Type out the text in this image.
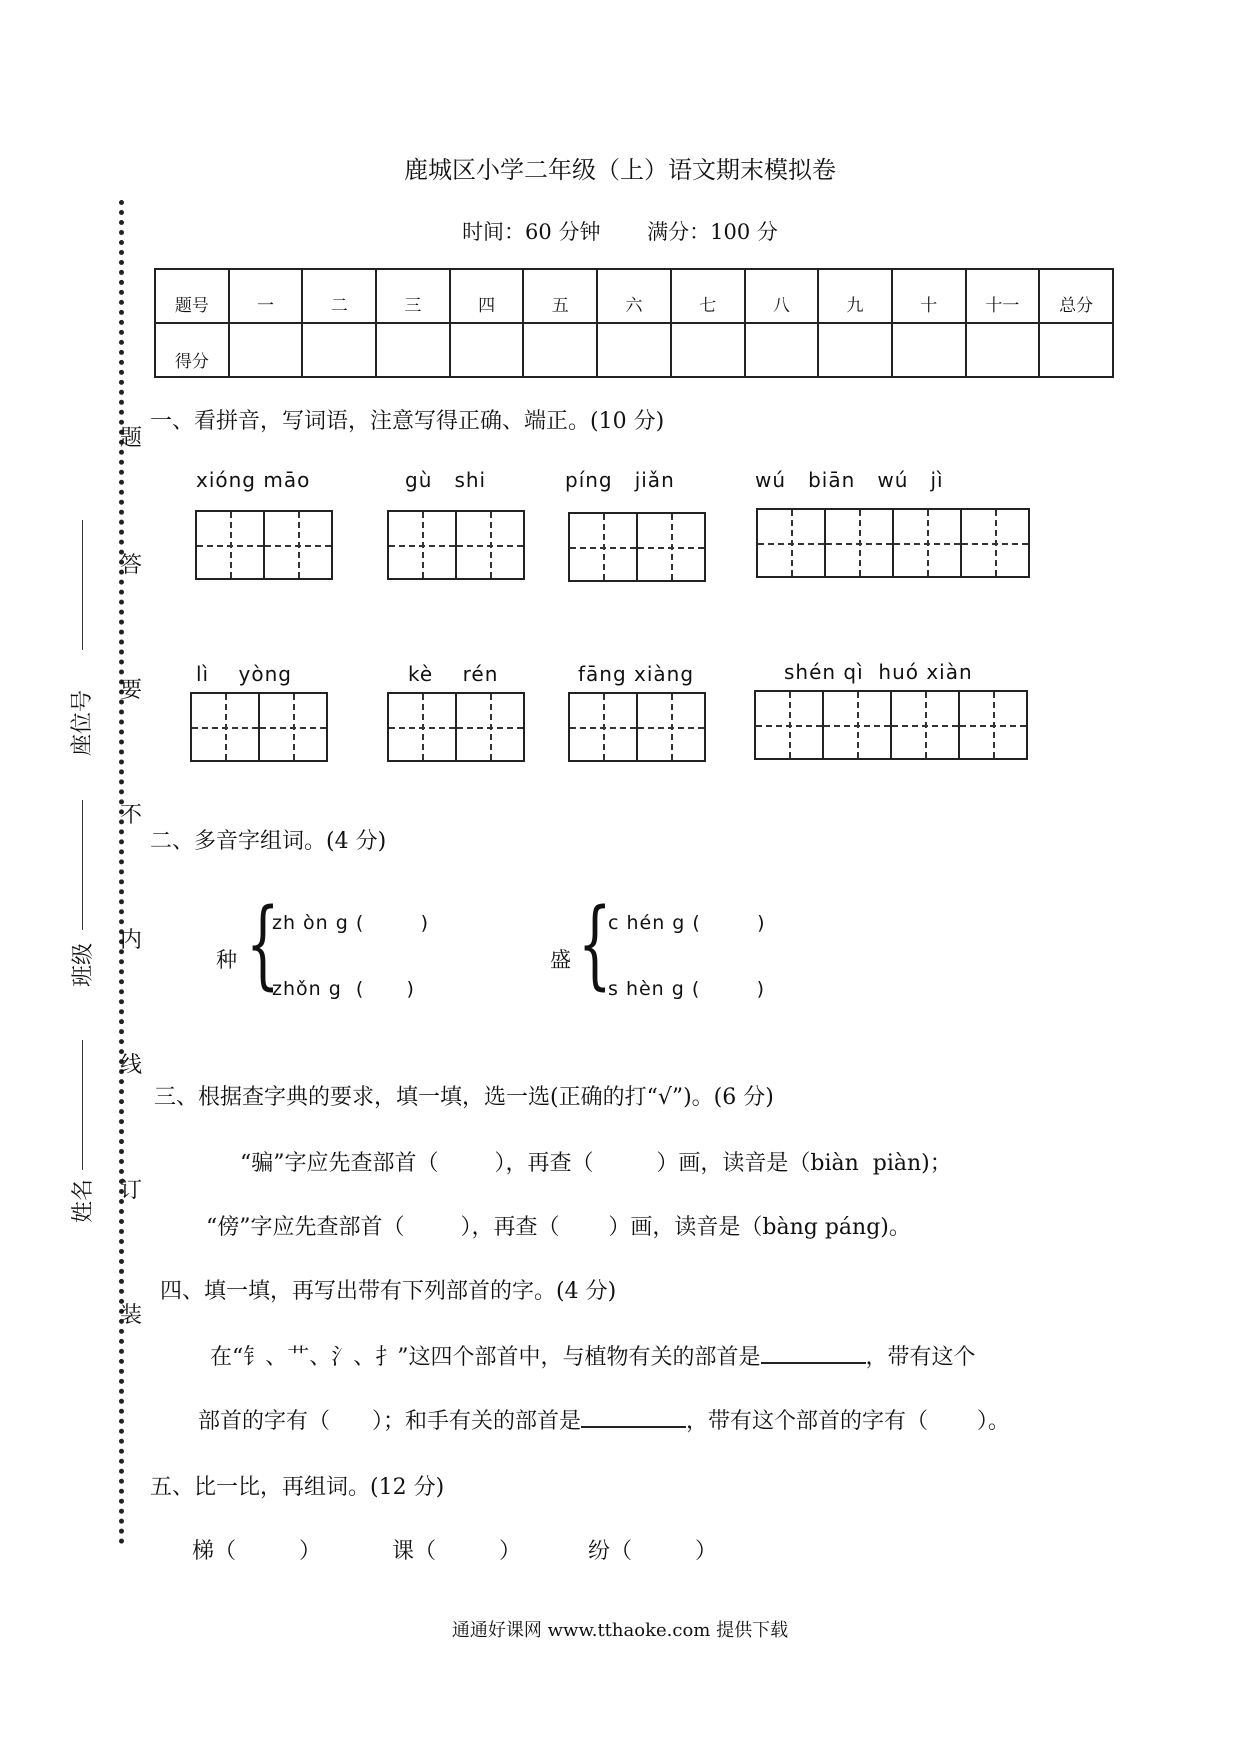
鹿城区小学二年级（上）语文期末模拟卷
时间：60 分钟 满分：100 分
题号	一	二	三	四	五	六	七	八	九	十	十一	总分
得分												
题
答
要
不
内
线
订
装
座位号
班级
姓名
一、看拼音，写词语，注意写得正确、端正。(10 分)
xióng māo	gù   shi	píng   jiǎn	wú   biān   wú   jì
lì    yòng	kè    rén	fāng xiàng	shén qì  huó xiàn
二、多音字组词。(4 分)
种 {
zh òn g (        )
zhǒn g  (      )
盛 {
c hén g (        )
s hèn g (        )
三、根据查字典的要求，填一填，选一选(正确的打“√”)。(6 分)
“骗”字应先查部首（        ），再查（         ）画，读音是（biàn  piàn)；
“傍”字应先查部首（        ），再查（       ）画，读音是（bàng páng)。
四、填一填，再写出带有下列部首的字。(4 分)
在“钅、艹、氵、扌”这四个部首中，与植物有关的部首是	，带有这个
部首的字有（      ）；和手有关的部首是	，带有这个部首的字有（       ）。
五、比一比，再组词。(12 分)
梯（         ）	课（         ）	纷（         ）
通通好课网 www.tthaoke.com 提供下载
